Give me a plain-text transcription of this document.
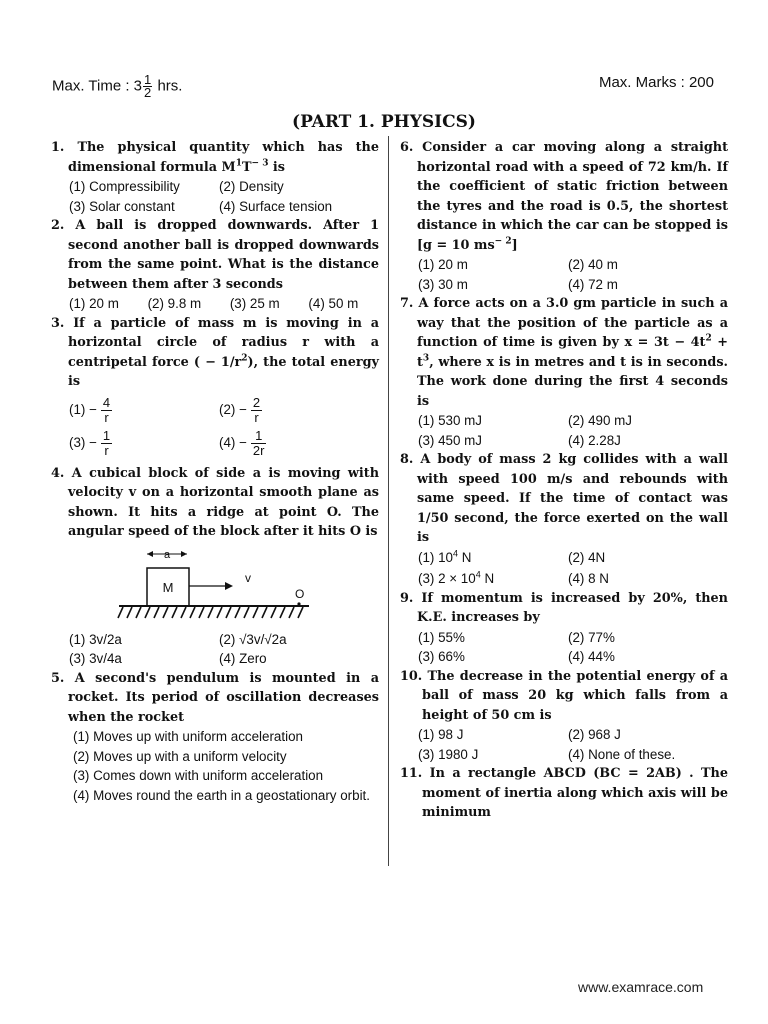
Max. Time : $3 \frac{1}{2}$ hrs.	Max. Marks : 200
(PART 1. PHYSICS)
1. The physical quantity which has the dimensional formula $M^1T^{- 3}$ is
(1) Compressibility	(2) Density
(3) Solar constant	(4) Surface tension
2. A ball is dropped downwards. After 1 second another ball is dropped downwards from the same point. What is the distance between them after 3 seconds
(1) 20 m	(2) 9.8 m	(3) 25 m	(4) 50 m
3. If a particle of mass m is moving in a horizontal circle of radius r with a centripetal force ( − $1/r^2$), the total energy is
$(1) - \frac{4}{r}$	$(2) - \frac{2}{r}$
$(3) - \frac{1}{r}$	$(4) - \frac{1}{2r}$
4. A cubical block of side a is moving with velocity v on a horizontal smooth plane as shown. It hits a ridge at point O. The angular speed of the block after it hits O is
a
M
v
O
(1) 3v/2a	(2) √3v/√2a
(3) 3v/4a	(4) Zero
5. A second's pendulum is mounted in a rocket. Its period of oscillation decreases when the rocket
(1) Moves up with uniform acceleration
(2) Moves up with a uniform velocity
(3) Comes down with uniform acceleration
(4) Moves round the earth in a geostationary orbit.
6. Consider a car moving along a straight horizontal road with a speed of 72 km/h. If the coefficient of static friction between the tyres and the road is 0.5, the shortest distance in which the car can be stopped is [g = 10 $ms^{- 2}$]
(1) 20 m	(2) 40 m
(3) 30 m	(4) 72 m
7. A force acts on a 3.0 gm particle in such a way that the position of the particle as a function of time is given by $x = 3t - 4t^2 + t^3$, where x is in metres and t is in seconds. The work done during the first 4 seconds is
(1) 530 mJ	(2) 490 mJ
(3) 450 mJ	(4) 2.28J
8. A body of mass 2 kg collides with a wall with speed 100 m/s and rebounds with same speed. If the time of contact was 1/50 second, the force exerted on the wall is
(1) $10^4$ N	(2) 4N
(3) $2 \times 10^4$ N	(4) 8 N
9. If momentum is increased by 20%, then K.E. increases by
(1) 55%	(2) 77%
(3) 66%	(4) 44%
10. The decrease in the potential energy of a ball of mass 20 kg which falls from a height of 50 cm is
(1) 98 J	(2) 968 J
(3) 1980 J	(4) None of these.
11. In a rectangle ABCD (BC = 2AB) . The moment of inertia along which axis will be minimum
www.examrace.com
